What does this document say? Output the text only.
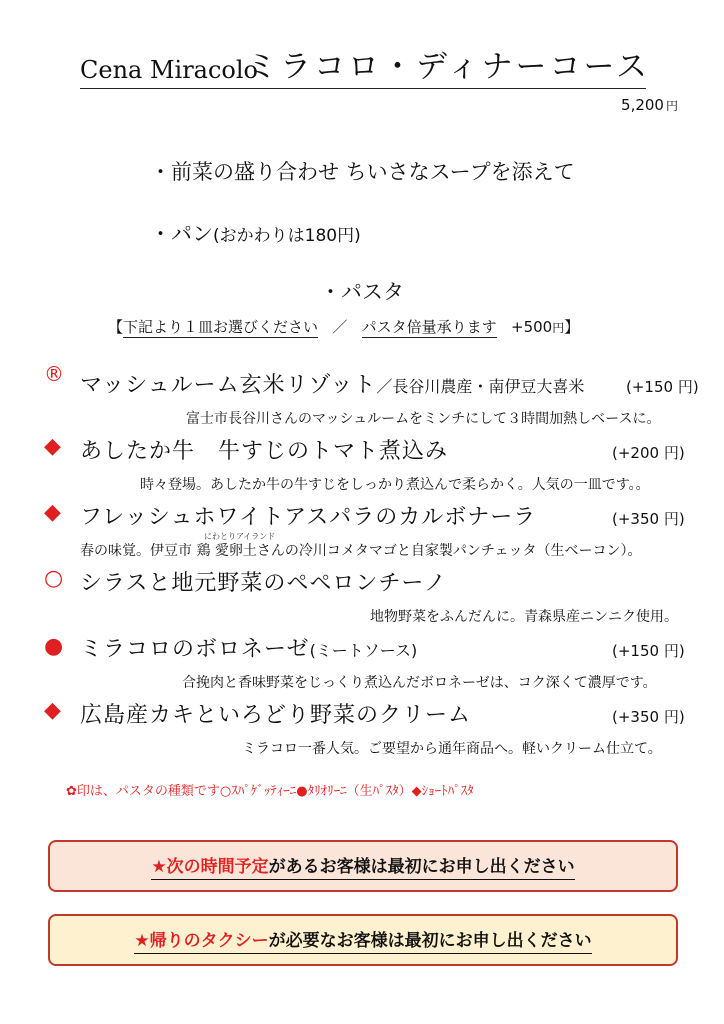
Cena Miracolo
ミラコロ・ディナーコース
5,200 円
・前菜の盛り合わせ ちいさなスープを添えて
・パン(おかわりは180円)
・パスタ
【下記より１皿お選びください ／ パスタ倍量承ります +500円】
® マッシュルーム玄米リゾット／長谷川農産・南伊豆大喜米	(+150 円)
富士市長谷川さんのマッシュルームをミンチにして３時間加熱しベースに。
◆ あしたか牛　牛すじのトマト煮込み	(+200 円)
時々登場。あしたか牛の牛すじをしっかり煮込んで柔らかく。人気の一皿です。。
◆ フレッシュホワイトアスパラのカルボナーラ	(+350 円)
にわとりアイランド
春の味覚。伊豆市 鶏 愛卵土さんの冷川コメタマゴと自家製パンチェッタ（生ベーコン）。
○ シラスと地元野菜のペペロンチーノ
地物野菜をふんだんに。青森県産ニンニク使用。
● ミラコロのボロネーゼ(ミートソース)	(+150 円)
合挽肉と香味野菜をじっくり煮込んだボロネーゼは、コク深くて濃厚です。
◆ 広島産カキといろどり野菜のクリーム	(+350 円)
ミラコロ一番人気。ご要望から通年商品へ。軽いクリーム仕立て。
✿印は、パスタの種類です○ｽﾊﾟｹﾞｯﾃｨｰﾆ●ﾀﾘｵﾘｰﾆ（生ﾊﾟｽﾀ）◆ｼｮｰﾄﾊﾟｽﾀ
★次の時間予定があるお客様は最初にお申し出ください
★帰りのタクシーが必要なお客様は最初にお申し出ください
